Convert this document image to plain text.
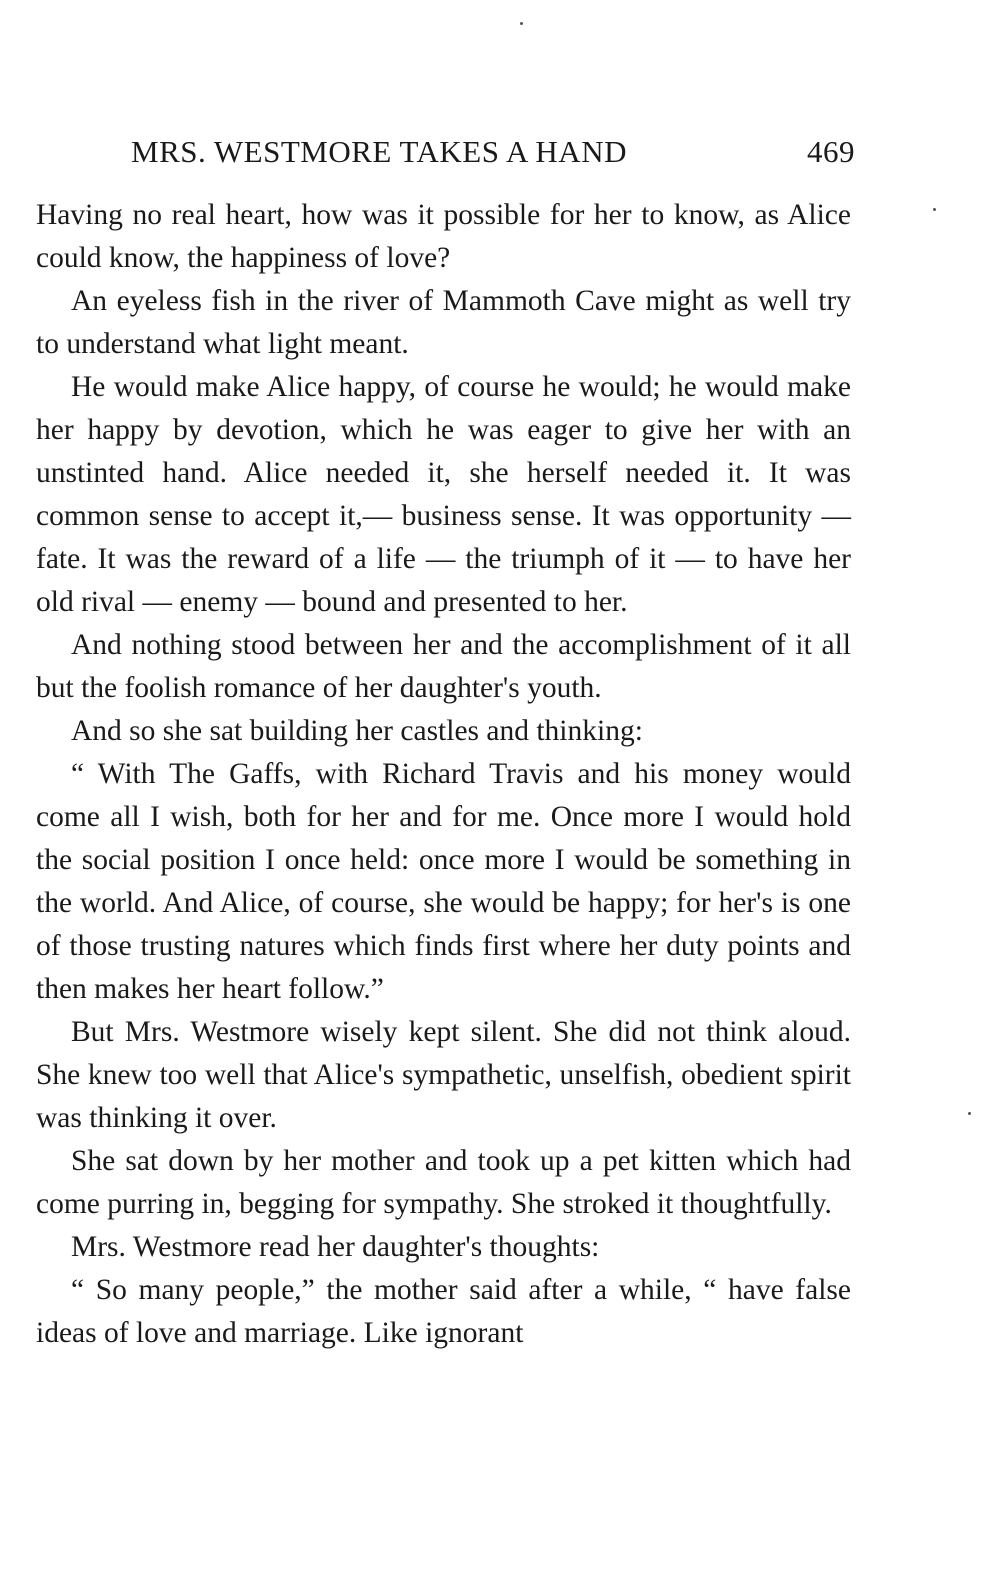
MRS. WESTMORE TAKES A HAND	469

Having no real heart, how was it possible for her to know, as Alice could know, the happiness of love?

An eyeless fish in the river of Mammoth Cave might as well try to understand what light meant.

He would make Alice happy, of course he would; he would make her happy by devotion, which he was eager to give her with an unstinted hand. Alice needed it, she herself needed it. It was common sense to accept it,— business sense. It was opportunity — fate. It was the reward of a life — the triumph of it — to have her old rival — enemy — bound and presented to her.

And nothing stood between her and the accomplishment of it all but the foolish romance of her daughter's youth.

And so she sat building her castles and thinking:

“ With The Gaffs, with Richard Travis and his money would come all I wish, both for her and for me. Once more I would hold the social position I once held: once more I would be something in the world. And Alice, of course, she would be happy; for her's is one of those trusting natures which finds first where her duty points and then makes her heart follow.”

But Mrs. Westmore wisely kept silent. She did not think aloud. She knew too well that Alice's sympathetic, unselfish, obedient spirit was thinking it over.

She sat down by her mother and took up a pet kitten which had come purring in, begging for sympathy. She stroked it thoughtfully.

Mrs. Westmore read her daughter's thoughts:

“ So many people,” the mother said after a while, “ have false ideas of love and marriage. Like ignorant
